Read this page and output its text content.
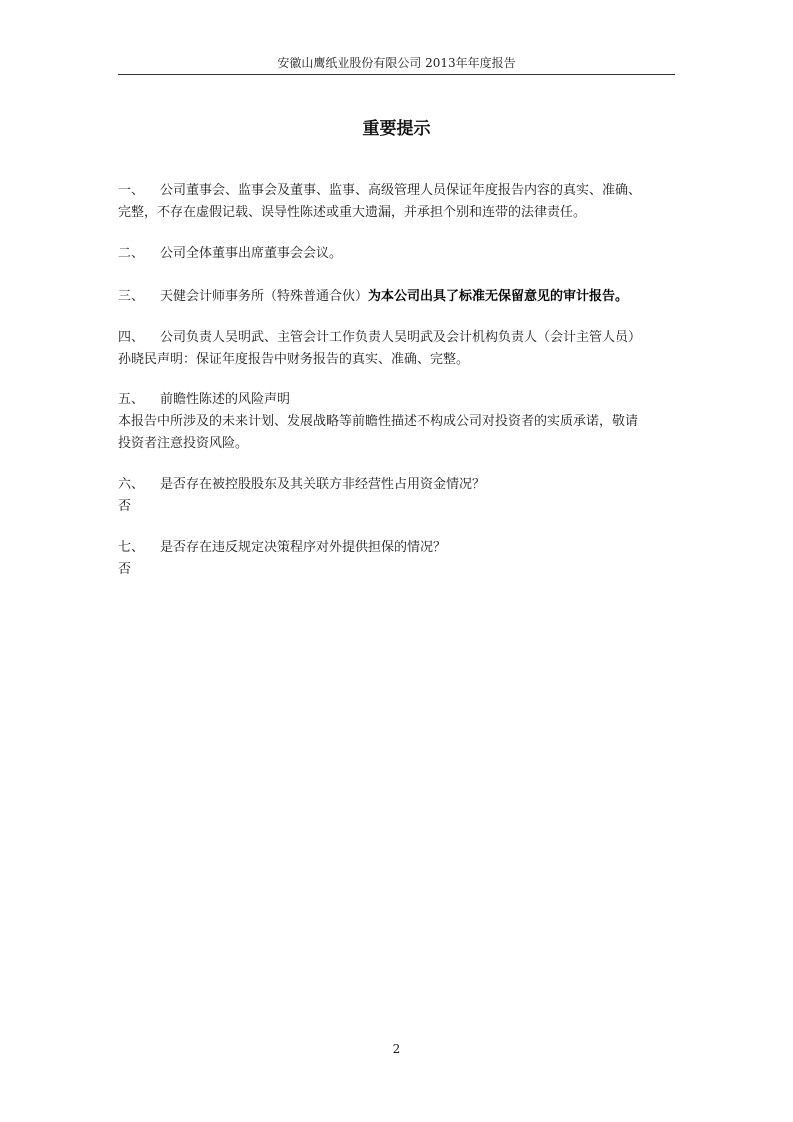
安徽山鹰纸业股份有限公司 2013年年度报告
重要提示
一、 公司董事会、监事会及董事、监事、高级管理人员保证年度报告内容的真实、准确、
完整，不存在虚假记载、误导性陈述或重大遗漏，并承担个别和连带的法律责任。
二、 公司全体董事出席董事会会议。
三、 天健会计师事务所（特殊普通合伙）为本公司出具了标准无保留意见的审计报告。
四、 公司负责人吴明武、主管会计工作负责人吴明武及会计机构负责人（会计主管人员）
孙晓民声明：保证年度报告中财务报告的真实、准确、完整。
五、 前瞻性陈述的风险声明
本报告中所涉及的未来计划、发展战略等前瞻性描述不构成公司对投资者的实质承诺，敬请
投资者注意投资风险。
六、 是否存在被控股股东及其关联方非经营性占用资金情况？
否
七、 是否存在违反规定决策程序对外提供担保的情况？
否
2
